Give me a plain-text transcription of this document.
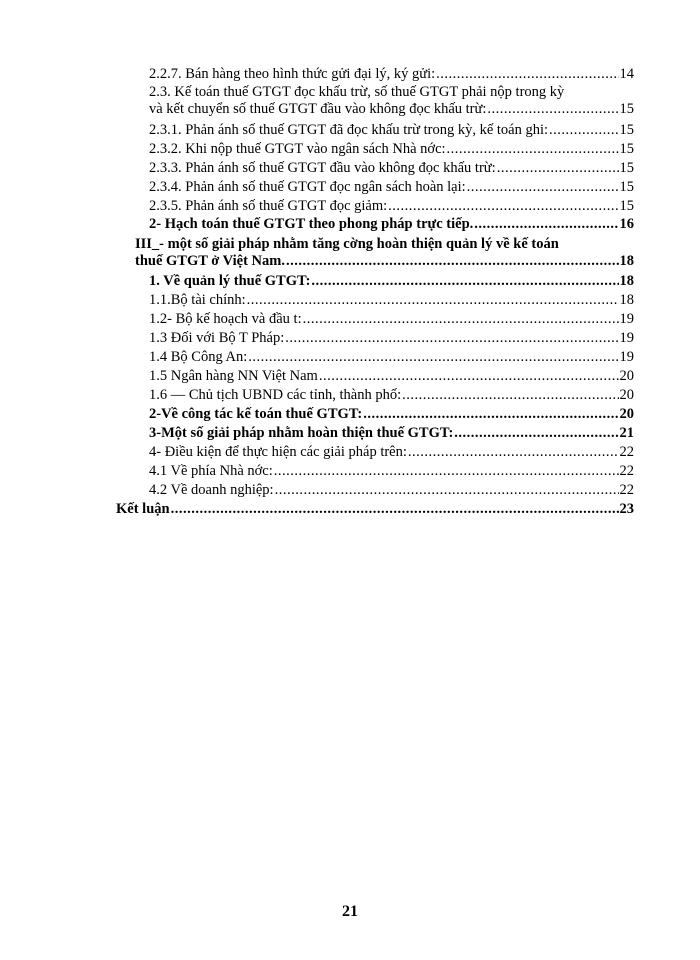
2.2.7. Bán hàng theo hình thức gửi đại lý, ký gửi: .....	14
2.3. Kế toán thuế GTGT đọc khấu trừ, số thuế GTGT phải nộp trong kỳ
và kết chuyển số thuế GTGT đầu vào không đọc khấu trừ: .....	15
2.3.1. Phản ánh số thuế GTGT đã đọc khấu trừ trong kỳ, kế toán ghi: .....	15
2.3.2. Khi nộp thuế GTGT vào ngân sách Nhà nớc: .....	15
2.3.3. Phản ánh số thuế GTGT đầu vào không đọc khấu trừ: .....	15
2.3.4. Phản ánh số thuế GTGT đọc ngân sách hoàn lại: .....	15
2.3.5. Phản ánh số thuế GTGT đọc giảm: .....	15
2- Hạch toán thuế GTGT theo phong pháp trực tiếp. .....	16
III_- một số giải pháp nhằm tăng cờng hoàn thiện quản lý về kế toán
thuế GTGT ở Việt Nam. .....	18
1. Về quản lý thuế GTGT: .....	18
1.1.Bộ tài chính: .....	18
1.2- Bộ kế hoạch và đầu t: .....	19
1.3 Đối với Bộ T Pháp: .....	19
1.4 Bộ Công An: .....	19
1.5 Ngân hàng NN Việt Nam .....	20
1.6 — Chủ tịch UBND các tỉnh, thành phố: .....	20
2-Về công tác kế toán thuế GTGT: .....	20
3-Một số giải pháp nhằm hoàn thiện thuế GTGT: .....	21
4- Điều kiện để thực hiện các giải pháp trên: .....	22
4.1 Về phía Nhà nớc: .....	22
4.2 Về doanh nghiệp: .....	22
Kết luận .....	23
21
